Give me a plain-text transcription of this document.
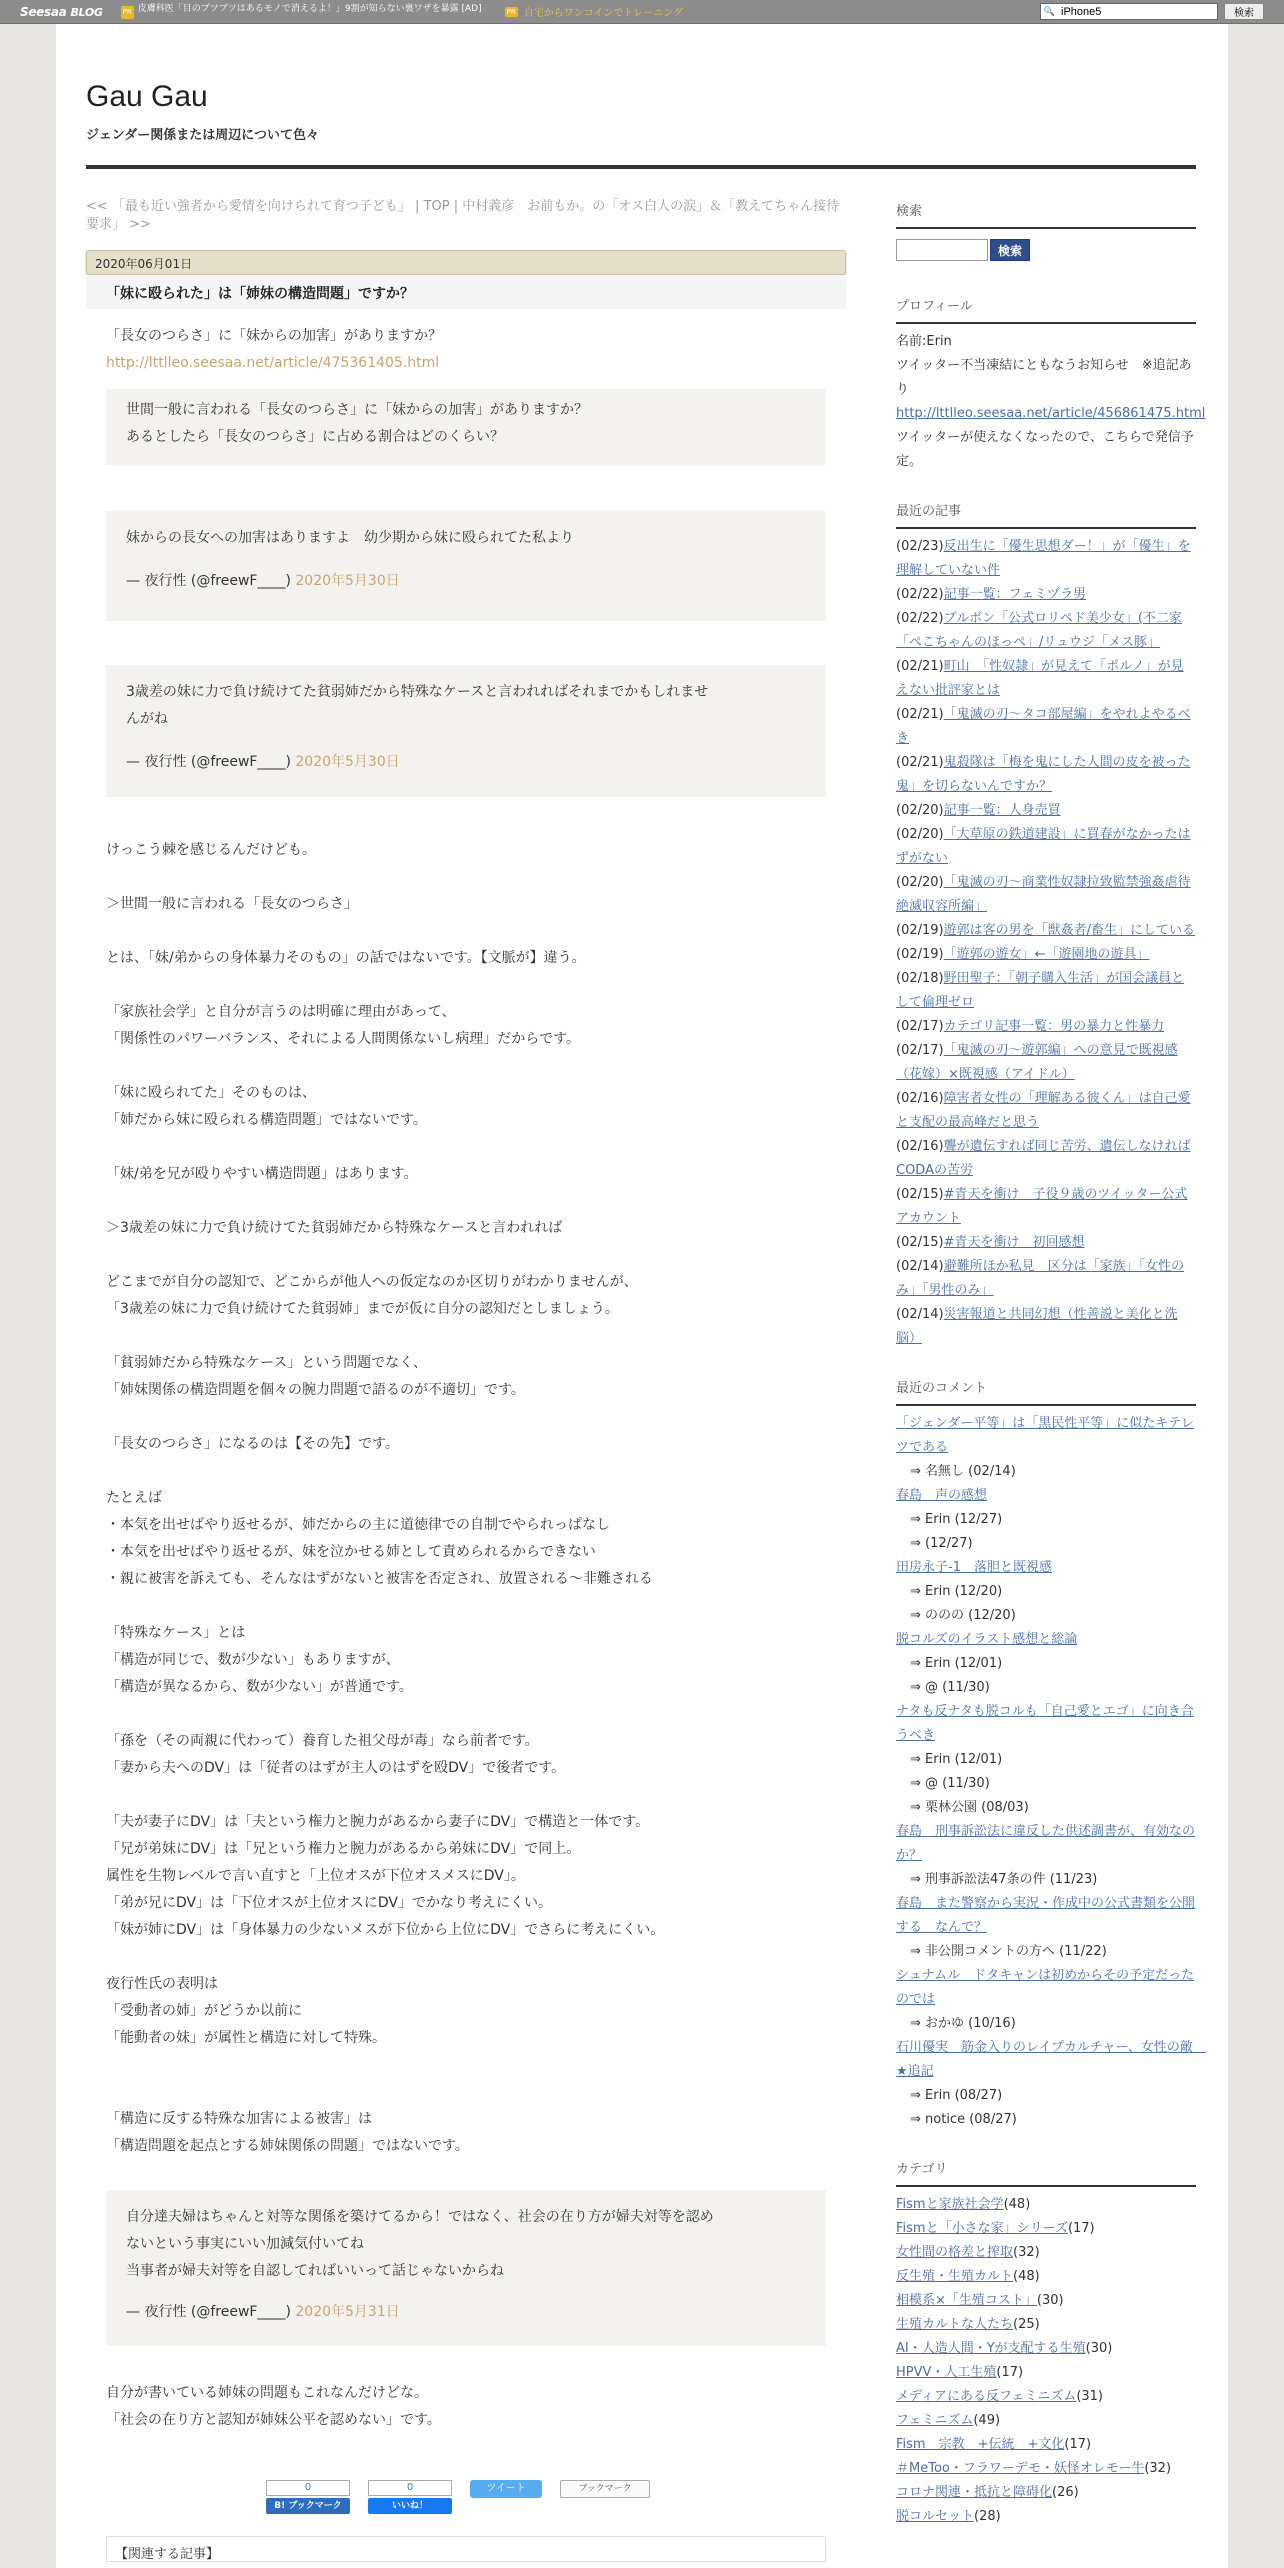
Seesaa BLOG	PR 皮膚科医「目のブツブツはあるモノで消えるよ！」9割が知らない裏ワザを暴露 [AD]	PR 自宅からワンコインでトレーニング	🔍
iPhone5	検索
Gau Gau
ジェンダー関係または周辺について色々
<< 「最も近い強者から愛情を向けられて育つ子ども」 | TOP | 中村義彦　お前もか。の「オス白人の涙」＆「教えてちゃん接待要求」 >>
2020年06月01日
「妹に殴られた」は「姉妹の構造問題」ですか？
「長女のつらさ」に「妹からの加害」がありますか？
http://lttlleo.seesaa.net/article/475361405.html
世間一般に言われる「長女のつらさ」に「妹からの加害」がありますか？
あるとしたら「長女のつらさ」に占める割合はどのくらい？
妹からの長女への加害はありますよ　幼少期から妹に殴られてた私より
— 夜行性 (@freewF____) 2020年5月30日
3歳差の妹に力で負け続けてた貧弱姉だから特殊なケースと言われればそれまでかもしれませ
んがね
— 夜行性 (@freewF____) 2020年5月30日
けっこう棘を感じるんだけども。
＞世間一般に言われる「長女のつらさ」
とは、「妹/弟からの身体暴力そのもの」の話ではないです。【文脈が】違う。
「家族社会学」と自分が言うのは明確に理由があって、
「関係性のパワーバランス、それによる人間関係ないし病理」だからです。
「妹に殴られてた」そのものは、
「姉だから妹に殴られる構造問題」ではないです。
「妹/弟を兄が殴りやすい構造問題」はあります。
＞3歳差の妹に力で負け続けてた貧弱姉だから特殊なケースと言われれば
どこまでが自分の認知で、どこからが他人への仮定なのか区切りがわかりませんが、
「3歳差の妹に力で負け続けてた貧弱姉」までが仮に自分の認知だとしましょう。
「貧弱姉だから特殊なケース」という問題でなく、
「姉妹関係の構造問題を個々の腕力問題で語るのが不適切」です。
「長女のつらさ」になるのは【その先】です。
たとえば
・本気を出せばやり返せるが、姉だからの主に道徳律での自制でやられっぱなし
・本気を出せばやり返せるが、妹を泣かせる姉として責められるからできない
・親に被害を訴えても、そんなはずがないと被害を否定され、放置される～非難される
「特殊なケース」とは
「構造が同じで、数が少ない」もありますが、
「構造が異なるから、数が少ない」が普通です。
「孫を（その両親に代わって）養育した祖父母が毒」なら前者です。
「妻から夫へのDV」は「従者のはずが主人のはずを殴DV」で後者です。
「夫が妻子にDV」は「夫という権力と腕力があるから妻子にDV」で構造と一体です。
「兄が弟妹にDV」は「兄という権力と腕力があるから弟妹にDV」で同上。
属性を生物レベルで言い直すと「上位オスが下位オスメスにDV」。
「弟が兄にDV」は「下位オスが上位オスにDV」でかなり考えにくい。
「妹が姉にDV」は「身体暴力の少ないメスが下位から上位にDV」でさらに考えにくい。
夜行性氏の表明は
「受動者の姉」がどうか以前に
「能動者の妹」が属性と構造に対して特殊。
「構造に反する特殊な加害による被害」は
「構造問題を起点とする姉妹関係の問題」ではないです。
自分達夫婦はちゃんと対等な関係を築けてるから！ではなく、社会の在り方が婦夫対等を認め
ないという事実にいい加減気付いてね
当事者が婦夫対等を自認してればいいって話じゃないからね
— 夜行性 (@freewF____) 2020年5月31日
自分が書いている姉妹の問題もこれなんだけどな。
「社会の在り方と認知が姉妹公平を認めない」です。
0
B! ブックマーク
0
いいね！
ツイート	ブックマーク
【関連する記事】
検索
検索
プロフィール
名前:Erin
ツイッター不当凍結にともなうお知らせ　※追記あり
http://lttlleo.seesaa.net/article/456861475.html
ツイッターが使えなくなったので、こちらで発信予定。
最近の記事
(02/23)反出生に「優生思想ダー！」が「優生」を理解していない件
(02/22)記事一覧：フェミヅラ男
(02/22)ブルボン「公式ロリペド美少女」(不二家「ぺこちゃんのほっぺ」/リュウジ「メス豚」
(02/21)町山　「性奴隷」が見えて「ポルノ」が見えない批評家とは
(02/21)「鬼滅の刃～タコ部屋編」をやれよやるべき
(02/21)鬼殺隊は「梅を鬼にした人間の皮を被った鬼」を切らないんですか？
(02/20)記事一覧：人身売買
(02/20)「大草原の鉄道建設」に買春がなかったはずがない
(02/20)「鬼滅の刃～商業性奴隷拉致監禁強姦虐待絶滅収容所編」
(02/19)遊郭は客の男を「獣姦者/畜生」にしている
(02/19)「遊郭の遊女」←「遊園地の遊具」
(02/18)野田聖子：「朝子購入生活」が国会議員として倫理ゼロ
(02/17)カテゴリ記事一覧：男の暴力と性暴力
(02/17)「鬼滅の刃～遊郭編」への意見で既視感（花嫁）×既視感（アイドル）
(02/16)障害者女性の「理解ある彼くん」は自己愛と支配の最高峰だと思う
(02/16)聾が遺伝すれば同じ苦労、遺伝しなければCODAの苦労
(02/15)#青天を衝け　子役９歳のツイッター公式アカウント
(02/15)#青天を衝け　初回感想
(02/14)避難所ほか私見　区分は「家族」「女性のみ」「男性のみ」
(02/14)災害報道と共同幻想（性善説と美化と洗脳）
最近のコメント
「ジェンダー平等」は「黒民性平等」に似たキテレツである
⇒ 名無し (02/14)
春島　声の感想
⇒ Erin (12/27)
⇒ (12/27)
田房永子-1　落胆と既視感
⇒ Erin (12/20)
⇒ ののの (12/20)
脱コルズのイラスト感想と総論
⇒ Erin (12/01)
⇒ @ (11/30)
ナタも反ナタも脱コルも「自己愛とエゴ」に向き合うべき
⇒ Erin (12/01)
⇒ @ (11/30)
⇒ 栗林公園 (08/03)
春島　刑事訴訟法に違反した供述調書が、有効なのか？
⇒ 刑事訴訟法47条の件 (11/23)
春島　また警察から実況・作成中の公式書類を公開する　なんで？
⇒ 非公開コメントの方へ (11/22)
シュナムル　ドタキャンは初めからその予定だったのでは
⇒ おかゆ (10/16)
石川優実　筋金入りのレイプカルチャー、女性の敵　★追記
⇒ Erin (08/27)
⇒ notice (08/27)
カテゴリ
Fismと家族社会学(48)
Fismと「小さな家」シリーズ(17)
女性間の格差と搾取(32)
反生殖・生殖カルト(48)
相模系×「生殖コスト」(30)
生殖カルトな人たち(25)
AI・人造人間・Yが支配する生殖(30)
HPVV・人工生殖(17)
メディアにある反フェミニズム(31)
フェミニズム(49)
Fism　宗教　+伝統　+文化(17)
＃MeToo・フラワーデモ・妖怪オレモー牛(32)
コロナ関連・抵抗と障碍化(26)
脱コルセット(28)
